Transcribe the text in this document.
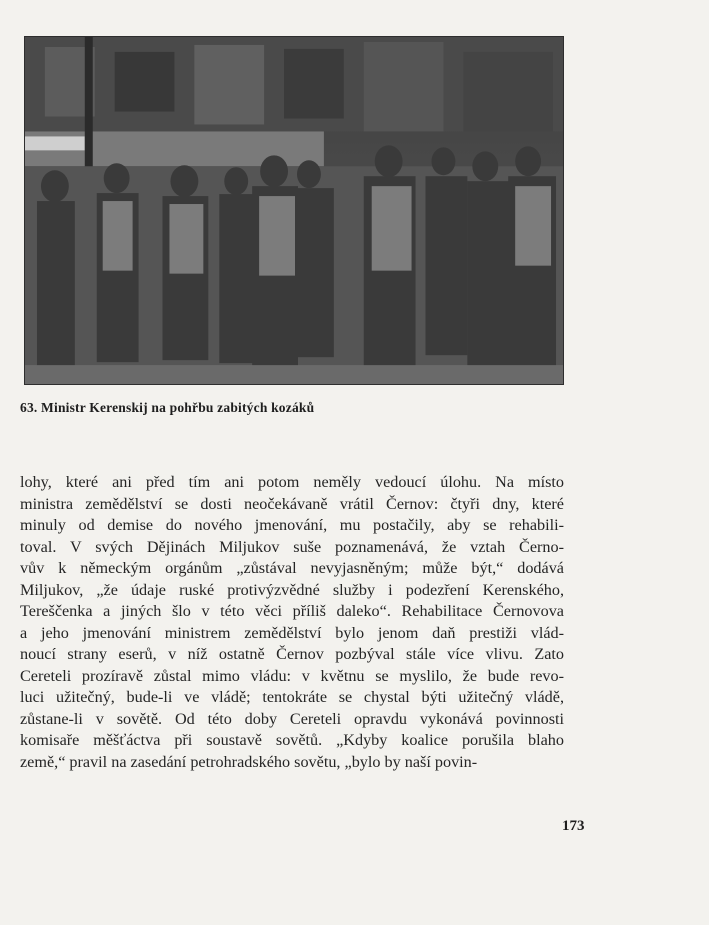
63. Ministr Kerenskij na pohřbu zabitých kozáků
lohy, které ani před tím ani potom neměly vedoucí úlohu. Na místo
ministra zemědělství se dosti neočekávaně vrátil Černov: čtyři dny, které
minuly od demise do nového jmenování, mu postačily, aby se rehabili-
toval. V svých Dějinách Miljukov suše poznamenává, že vztah Černo-
vův k německým orgánům „zůstával nevyjasněným; může být,“ dodává
Miljukov, „že údaje ruské protivýzvědné služby i podezření Kerenského,
Tereščenka a jiných šlo v této věci příliš daleko“. Rehabilitace Černovova
a jeho jmenování ministrem zemědělství bylo jenom daň prestiži vlád-
noucí strany eserů, v níž ostatně Černov pozbýval stále více vlivu. Zato
Cereteli prozíravě zůstal mimo vládu: v květnu se myslilo, že bude revo-
luci užitečný, bude-li ve vládě; tentokráte se chystal býti užitečný vládě,
zůstane-li v sovětě. Od této doby Cereteli opravdu vykonává povinnosti
komisaře měšťáctva při soustavě sovětů. „Kdyby koalice porušila blaho
země,“ pravil na zasedání petrohradského sovětu, „bylo by naší povin-
173
